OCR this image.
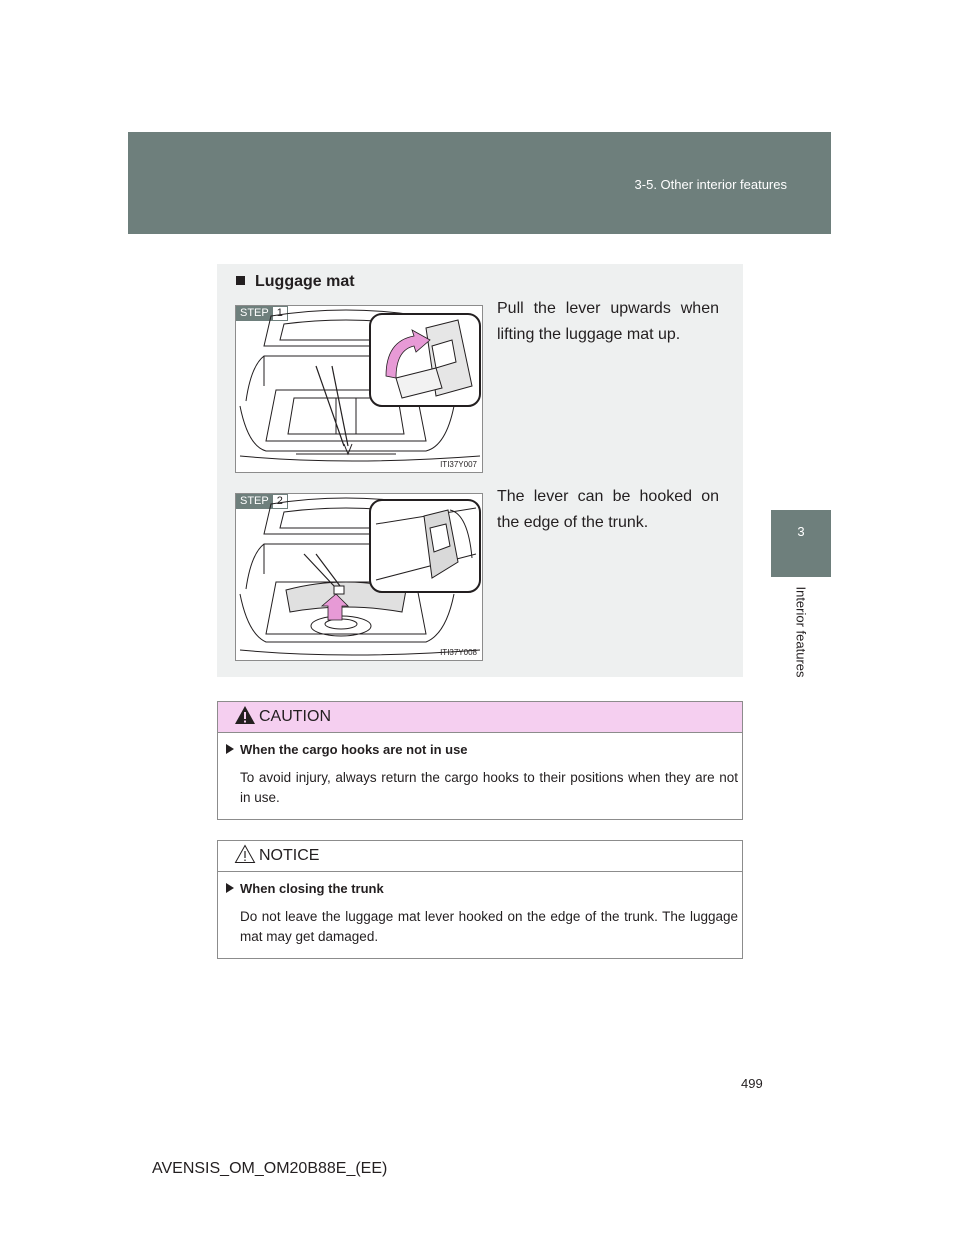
3-5. Other interior features
3
Interior features
Luggage mat
STEP 1
ITI37Y007
Pull the lever upwards when lifting the luggage mat up.
STEP 2
ITI37Y008
The lever can be hooked on the edge of the trunk.
CAUTION
When the cargo hooks are not in use
To avoid injury, always return the cargo hooks to their positions when they are not in use.
NOTICE
When closing the trunk
Do not leave the luggage mat lever hooked on the edge of the trunk. The luggage mat may get damaged.
499
AVENSIS_OM_OM20B88E_(EE)
